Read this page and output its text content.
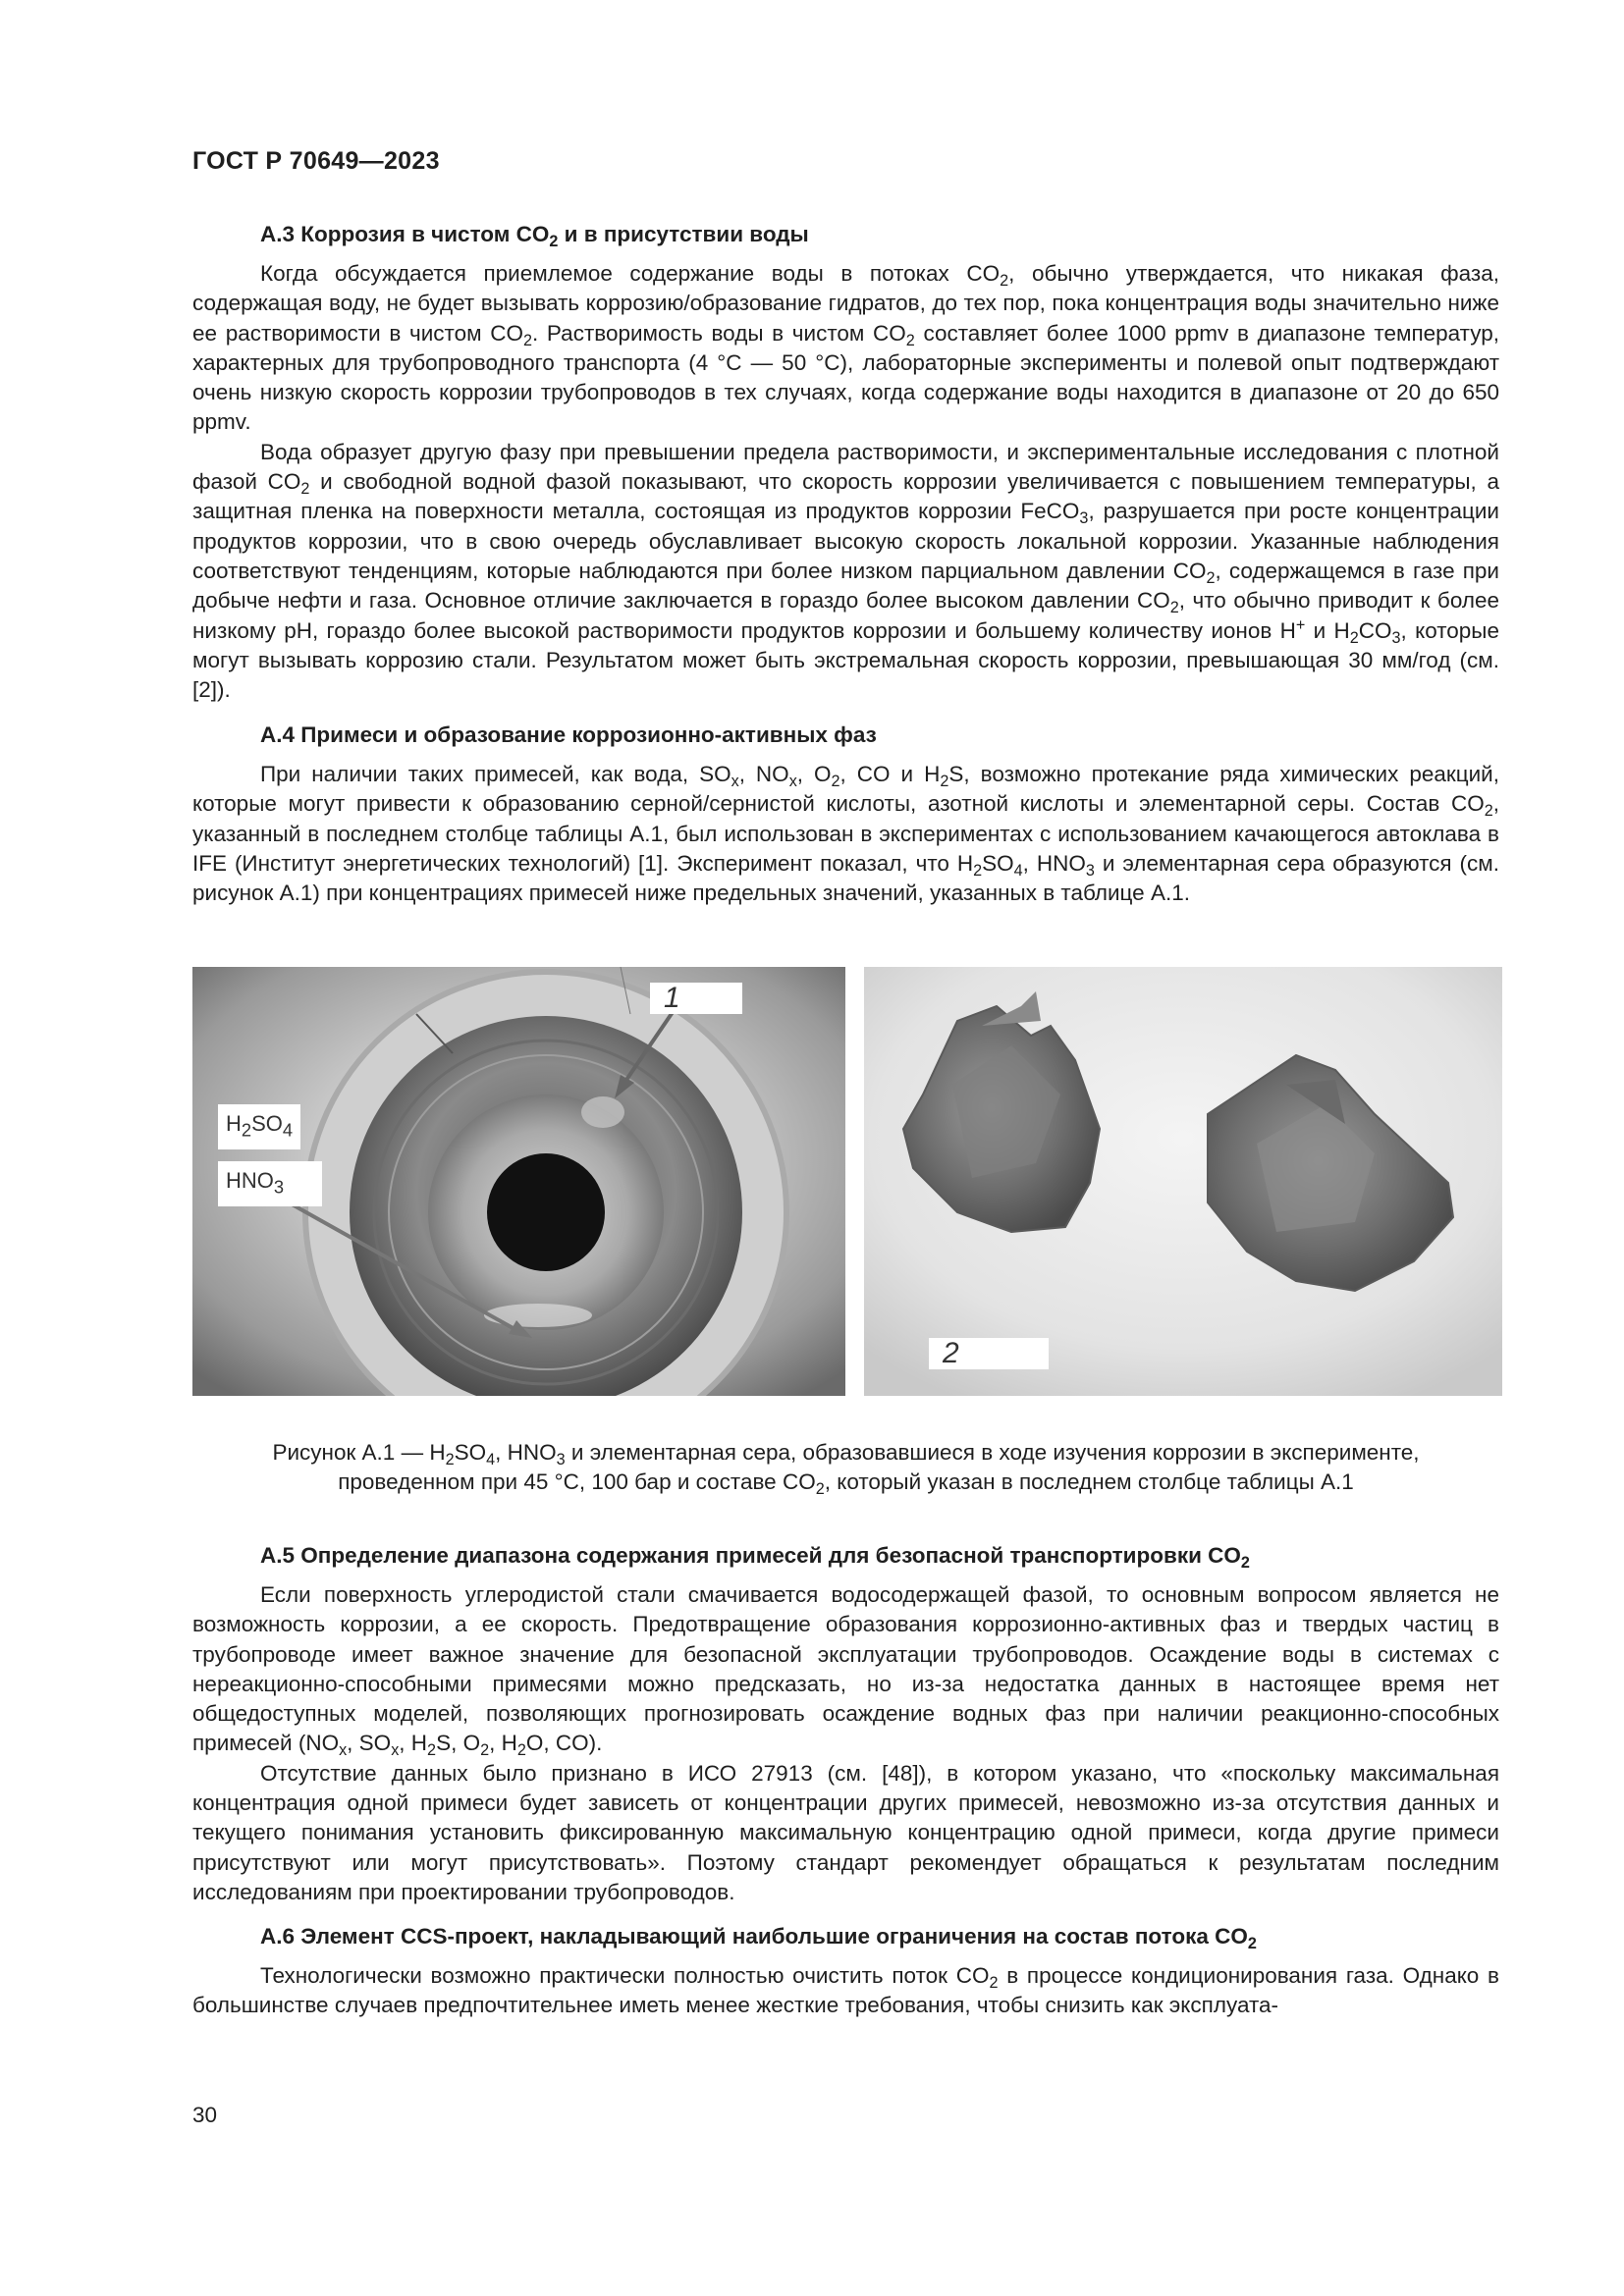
ГОСТ Р 70649—2023
А.3 Коррозия в чистом $CO_2$ и в присутствии воды

Когда обсуждается приемлемое содержание воды в потоках $CO_2$, обычно утверждается, что никакая фаза, содержащая воду, не будет вызывать коррозию/образование гидратов, до тех пор, пока концентрация воды значительно ниже ее растворимости в чистом $CO_2$. Растворимость воды в чистом $CO_2$ составляет более 1000 ppmv в диапазоне температур, характерных для трубопроводного транспорта (4 °С — 50 °С), лабораторные эксперименты и полевой опыт подтверждают очень низкую скорость коррозии трубопроводов в тех случаях, когда содержание воды находится в диапазоне от 20 до 650 ppmv.

Вода образует другую фазу при превышении предела растворимости, и экспериментальные исследования с плотной фазой $CO_2$ и свободной водной фазой показывают, что скорость коррозии увеличивается с повышением температуры, а защитная пленка на поверхности металла, состоящая из продуктов коррозии FeCO$_3$, разрушается при росте концентрации продуктов коррозии, что в свою очередь обуславливает высокую скорость локальной коррозии. Указанные наблюдения соответствуют тенденциям, которые наблюдаются при более низком парциальном давлении $CO_2$, содержащемся в газе при добыче нефти и газа. Основное отличие заключается в гораздо более высоком давлении $CO_2$, что обычно приводит к более низкому pH, гораздо более высокой растворимости продуктов коррозии и большему количеству ионов H+ и $H_2CO_3$, которые могут вызывать коррозию стали. Результатом может быть экстремальная скорость коррозии, превышающая 30 мм/год (см. [2]).

А.4 Примеси и образование коррозионно-активных фаз

При наличии таких примесей, как вода, $SO_x$, $NO_x$, $O_2$, CO и $H_2S$, возможно протекание ряда химических реакций, которые могут привести к образованию серной/сернистой кислоты, азотной кислоты и элементарной серы. Состав $CO_2$, указанный в последнем столбце таблицы А.1, был использован в экспериментах с использованием качающегося автоклава в IFE (Институт энергетических технологий) [1]. Эксперимент показал, что $H_2SO_4$, $HNO_3$ и элементарная сера образуются (см. рисунок А.1) при концентрациях примесей ниже предельных значений, указанных в таблице А.1.

1
$H_2SO_4$
$HNO_3$
2
Рисунок А.1 — $H_2SO_4$, $HNO_3$ и элементарная сера, образовавшиеся в ходе изучения коррозии в эксперименте,
проведенном при 45 °С, 100 бар и составе $CO_2$, который указан в последнем столбце таблицы А.1
А.5 Определение диапазона содержания примесей для безопасной транспортировки $CO_2$

Если поверхность углеродистой стали смачивается водосодержащей фазой, то основным вопросом является не возможность коррозии, а ее скорость. Предотвращение образования коррозионно-активных фаз и твердых частиц в трубопроводе имеет важное значение для безопасной эксплуатации трубопроводов. Осаждение воды в системах с нереакционно-способными примесями можно предсказать, но из-за недостатка данных в настоящее время нет общедоступных моделей, позволяющих прогнозировать осаждение водных фаз при наличии реакционно-способных примесей ($NO_x$, $SO_x$, $H_2S$, $O_2$, $H_2O$, CO).

Отсутствие данных было признано в ИСО 27913 (см. [48]), в котором указано, что «поскольку максимальная концентрация одной примеси будет зависеть от концентрации других примесей, невозможно из-за отсутствия данных и текущего понимания установить фиксированную максимальную концентрацию одной примеси, когда другие примеси присутствуют или могут присутствовать». Поэтому стандарт рекомендует обращаться к результатам последним исследованиям при проектировании трубопроводов.

А.6 Элемент CCS-проект, накладывающий наибольшие ограничения на состав потока $CO_2$

Технологически возможно практически полностью очистить поток $CO_2$ в процессе кондиционирования газа. Однако в большинстве случаев предпочтительнее иметь менее жесткие требования, чтобы снизить как эксплуата-

30
